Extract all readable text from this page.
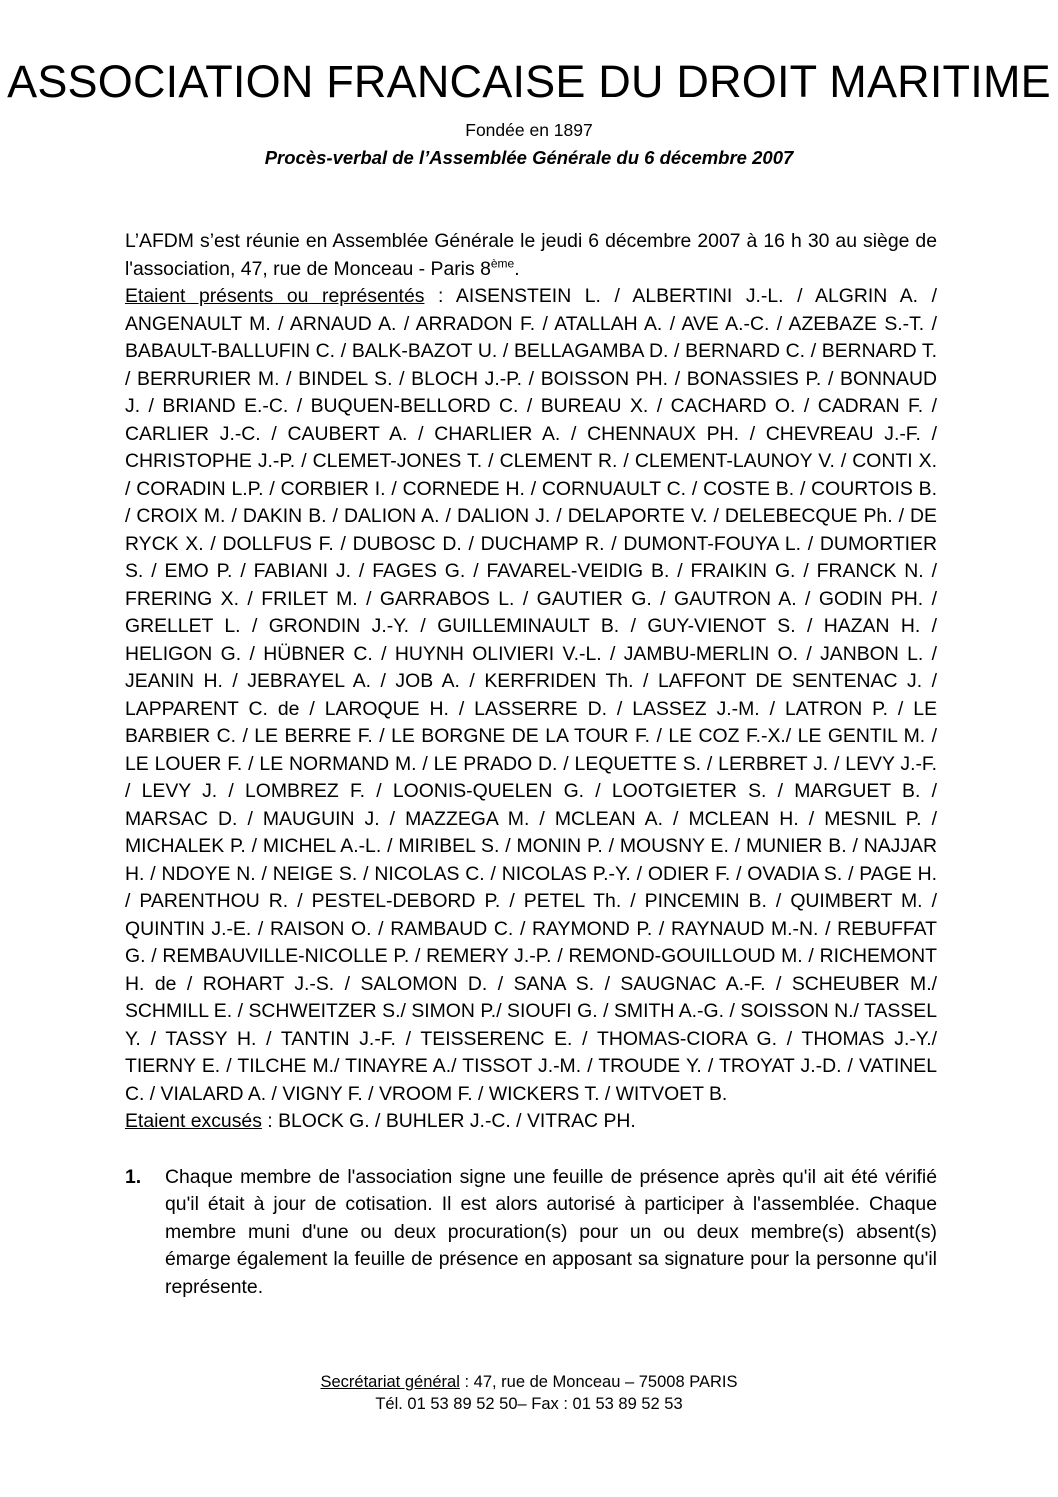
ASSOCIATION FRANCAISE DU DROIT MARITIME
Fondée en 1897
Procès-verbal de l’Assemblée Générale du 6 décembre 2007

L’AFDM s’est réunie en Assemblée Générale le jeudi 6 décembre 2007 à 16 h 30 au siège de l'association, 47, rue de Monceau - Paris 8ème.

Etaient présents ou représentés : AISENSTEIN L. / ALBERTINI J.-L. / ALGRIN A. / ANGENAULT M. / ARNAUD A. / ARRADON F. / ATALLAH A. / AVE A.-C. / AZEBAZE S.-T. / BABAULT-BALLUFIN C. / BALK-BAZOT U. / BELLAGAMBA D. / BERNARD C. / BERNARD T. / BERRURIER M. / BINDEL S. / BLOCH J.-P. / BOISSON PH. / BONASSIES P. / BONNAUD J. / BRIAND E.-C. / BUQUEN-BELLORD C. / BUREAU X. / CACHARD O. / CADRAN F. / CARLIER J.-C. / CAUBERT A. / CHARLIER A. / CHENNAUX PH. / CHEVREAU J.-F. / CHRISTOPHE J.-P. / CLEMET-JONES T. / CLEMENT R. / CLEMENT-LAUNOY V. / CONTI X. / CORADIN L.P. / CORBIER I. / CORNEDE H. / CORNUAULT C. / COSTE B. / COURTOIS B. / CROIX M. / DAKIN B. / DALION A. / DALION J. / DELAPORTE V. / DELEBECQUE Ph. / DE RYCK X. / DOLLFUS F. / DUBOSC D. / DUCHAMP R. / DUMONT-FOUYA L. / DUMORTIER S. / EMO P. / FABIANI J. / FAGES G. / FAVAREL-VEIDIG B. / FRAIKIN G. / FRANCK N. / FRERING X. / FRILET M. / GARRABOS L. / GAUTIER G. / GAUTRON A. / GODIN PH. / GRELLET L. / GRONDIN J.-Y. / GUILLEMINAULT B. / GUY-VIENOT S. / HAZAN H. / HELIGON G. / HÜBNER C. / HUYNH OLIVIERI V.-L. / JAMBU-MERLIN O. / JANBON L. / JEANIN H. / JEBRAYEL A. / JOB A. / KERFRIDEN Th. / LAFFONT DE SENTENAC J. / LAPPARENT C. de / LAROQUE H. / LASSERRE D. / LASSEZ J.-M. / LATRON P. / LE BARBIER C. / LE BERRE F. / LE BORGNE DE LA TOUR F. / LE COZ F.-X./ LE GENTIL M. / LE LOUER F. / LE NORMAND M. / LE PRADO D. / LEQUETTE S. / LERBRET J. / LEVY J.-F. / LEVY J. / LOMBREZ F. / LOONIS-QUELEN G. / LOOTGIETER S. / MARGUET B. / MARSAC D. / MAUGUIN J. / MAZZEGA M. / MCLEAN A. / MCLEAN H. / MESNIL P. / MICHALEK P. / MICHEL A.-L. / MIRIBEL S. / MONIN P. / MOUSNY E. / MUNIER B. / NAJJAR H. / NDOYE N. / NEIGE S. / NICOLAS C. / NICOLAS P.-Y. / ODIER F. / OVADIA S. / PAGE H. / PARENTHOU R. / PESTEL-DEBORD P. / PETEL Th. / PINCEMIN B. / QUIMBERT M. / QUINTIN J.-E. / RAISON O. / RAMBAUD C. / RAYMOND P. / RAYNAUD M.-N. / REBUFFAT G. / REMBAUVILLE-NICOLLE P. / REMERY J.-P. / REMOND-GOUILLOUD M. / RICHEMONT H. de / ROHART J.-S. / SALOMON D. / SANA S. / SAUGNAC A.-F. / SCHEUBER M./ SCHMILL E. / SCHWEITZER S./ SIMON P./ SIOUFI G. / SMITH A.-G. / SOISSON N./ TASSEL Y. / TASSY H. / TANTIN J.-F. / TEISSERENC E. / THOMAS-CIORA G. / THOMAS J.-Y./ TIERNY E. / TILCHE M./ TINAYRE A./ TISSOT J.-M. / TROUDE Y. / TROYAT J.-D. / VATINEL C. / VIALARD A. / VIGNY F. / VROOM F. / WICKERS T. / WITVOET B.

Etaient excusés : BLOCK G. / BUHLER J.-C. / VITRAC PH.

1.	Chaque membre de l'association signe une feuille de présence après qu'il ait été vérifié qu'il était à jour de cotisation. Il est alors autorisé à participer à l'assemblée. Chaque membre muni d'une ou deux procuration(s) pour un ou deux membre(s) absent(s) émarge également la feuille de présence en apposant sa signature pour la personne qu'il représente.
Secrétariat général : 47, rue de Monceau – 75008 PARIS
Tél. 01 53 89 52 50– Fax : 01 53 89 52 53
